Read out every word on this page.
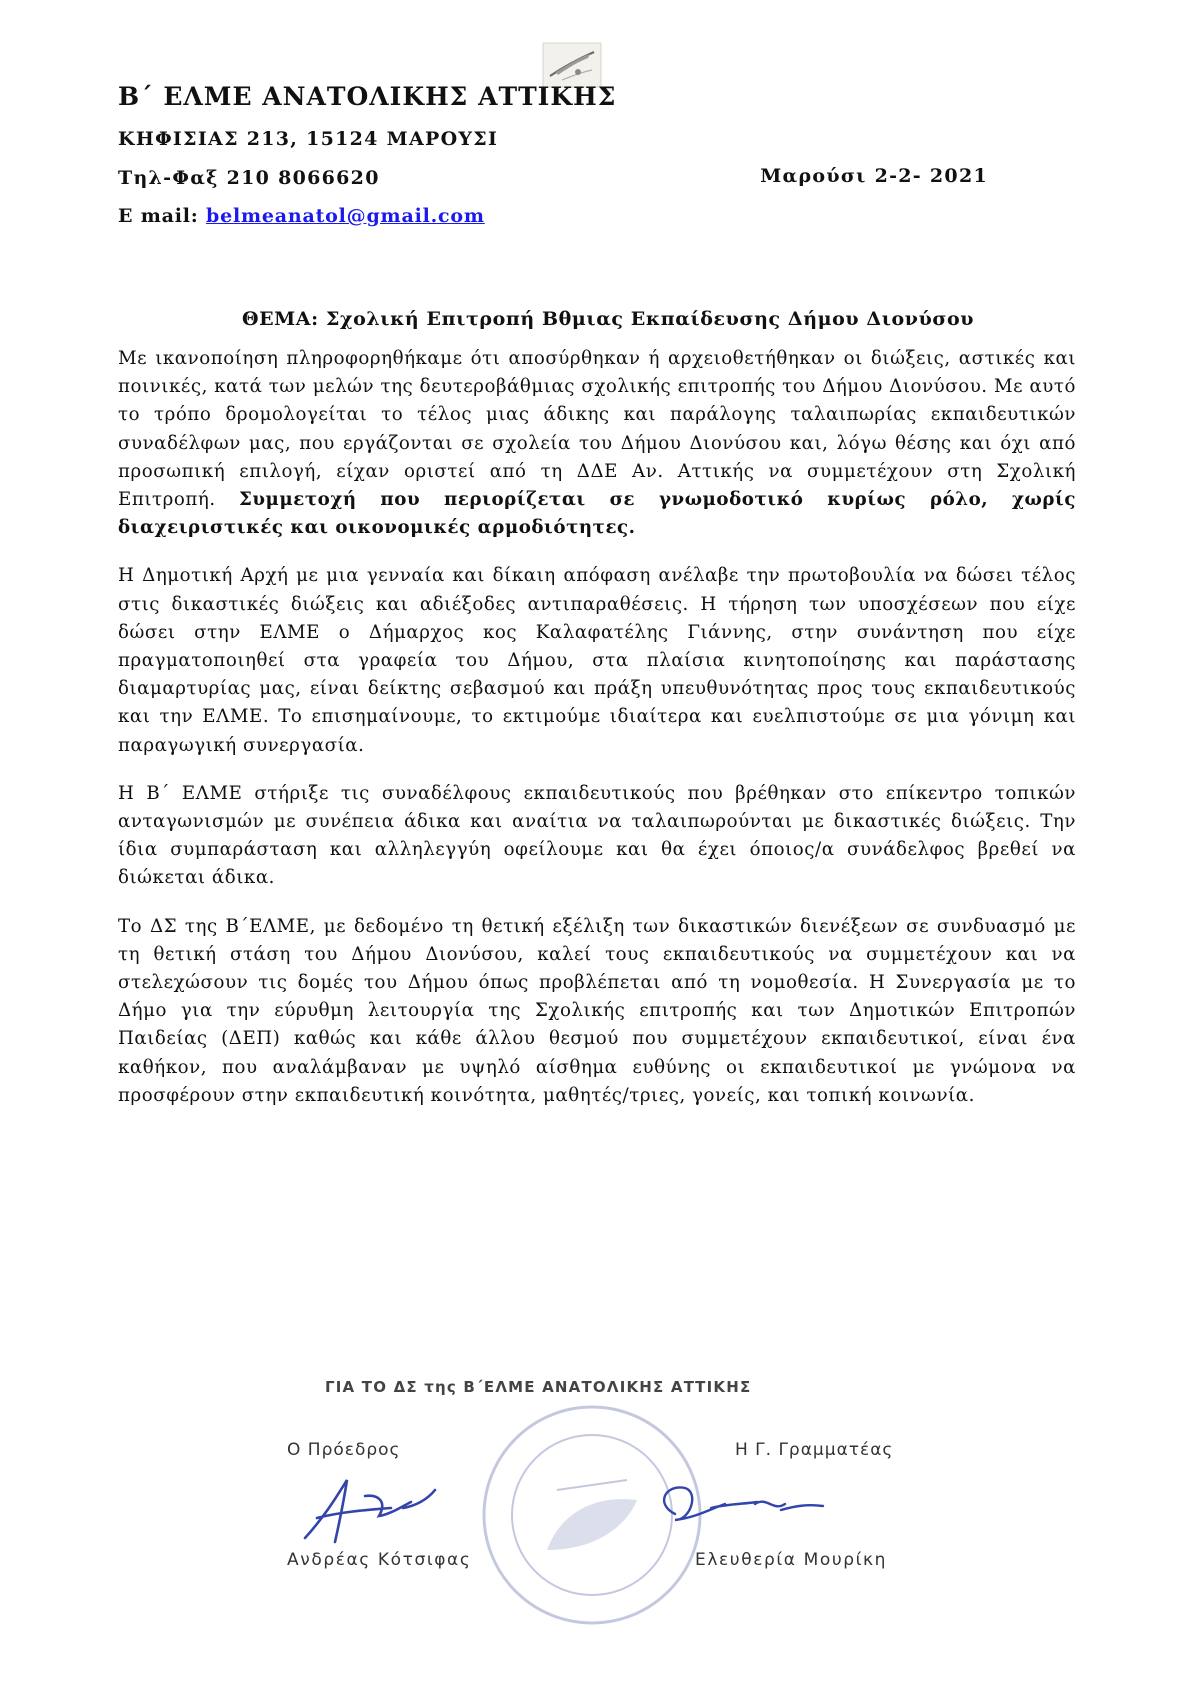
Β΄ ΕΛΜΕ ΑΝΑΤΟΛΙΚΗΣ ΑΤΤΙΚΗΣ
ΚΗΦΙΣΙΑΣ 213, 15124 ΜΑΡΟΥΣΙ
Τηλ-Φαξ 210 8066620	Μαρούσι 2-2- 2021
E mail: belmeanatol@gmail.com
ΘΕΜΑ: Σχολική Επιτροπή Βθμιας Εκπαίδευσης Δήμου Διονύσου

Με ικανοποίηση πληροφορηθήκαμε ότι αποσύρθηκαν ή αρχειοθετήθηκαν οι διώξεις, αστικές και ποινικές, κατά των μελών της δευτεροβάθμιας σχολικής επιτροπής του Δήμου Διονύσου. Με αυτό το τρόπο δρομολογείται το τέλος μιας άδικης και παράλογης ταλαιπωρίας εκπαιδευτικών συναδέλφων μας, που εργάζονται σε σχολεία του Δήμου Διονύσου και, λόγω θέσης και όχι από προσωπική επιλογή, είχαν οριστεί από τη ΔΔΕ Αν. Αττικής να συμμετέχουν στη Σχολική Επιτροπή. Συμμετοχή που περιορίζεται σε γνωμοδοτικό κυρίως ρόλο, χωρίς διαχειριστικές και οικονομικές αρμοδιότητες.

Η Δημοτική Αρχή με μια γενναία και δίκαιη απόφαση ανέλαβε την πρωτοβουλία να δώσει τέλος στις δικαστικές διώξεις και αδιέξοδες αντιπαραθέσεις. Η τήρηση των υποσχέσεων που είχε δώσει στην ΕΛΜΕ ο Δήμαρχος κος Καλαφατέλης Γιάννης, στην συνάντηση που είχε πραγματοποιηθεί στα γραφεία του Δήμου, στα πλαίσια κινητοποίησης και παράστασης διαμαρτυρίας μας, είναι δείκτης σεβασμού και πράξη υπευθυνότητας προς τους εκπαιδευτικούς και την ΕΛΜΕ. Το επισημαίνουμε, το εκτιμούμε ιδιαίτερα και ευελπιστούμε σε μια γόνιμη και παραγωγική συνεργασία.

Η Β΄ ΕΛΜΕ στήριξε τις συναδέλφους εκπαιδευτικούς που βρέθηκαν στο επίκεντρο τοπικών ανταγωνισμών με συνέπεια άδικα και αναίτια να ταλαιπωρούνται με δικαστικές διώξεις. Την ίδια συμπαράσταση και αλληλεγγύη οφείλουμε και θα έχει όποιος/α συνάδελφος βρεθεί να διώκεται άδικα.

Το ΔΣ της Β΄ΕΛΜΕ, με δεδομένο τη θετική εξέλιξη των δικαστικών διενέξεων σε συνδυασμό με τη θετική στάση του Δήμου Διονύσου, καλεί τους εκπαιδευτικούς να συμμετέχουν και να στελεχώσουν τις δομές του Δήμου όπως προβλέπεται από τη νομοθεσία. Η Συνεργασία με το Δήμο για την εύρυθμη λειτουργία της Σχολικής επιτροπής και των Δημοτικών Επιτροπών Παιδείας (ΔΕΠ) καθώς και κάθε άλλου θεσμού που συμμετέχουν εκπαιδευτικοί, είναι ένα καθήκον, που αναλάμβαναν με υψηλό αίσθημα ευθύνης οι εκπαιδευτικοί με γνώμονα να προσφέρουν στην εκπαιδευτική κοινότητα, μαθητές/τριες, γονείς, και τοπική κοινωνία.

ΓΙΑ ΤΟ ΔΣ της Β΄ΕΛΜΕ ΑΝΑΤΟΛΙΚΗΣ ΑΤΤΙΚΗΣ
Ο Πρόεδρος	Η Γ. Γραμματέας
Ανδρέας Κότσιφας	Ελευθερία Μουρίκη
